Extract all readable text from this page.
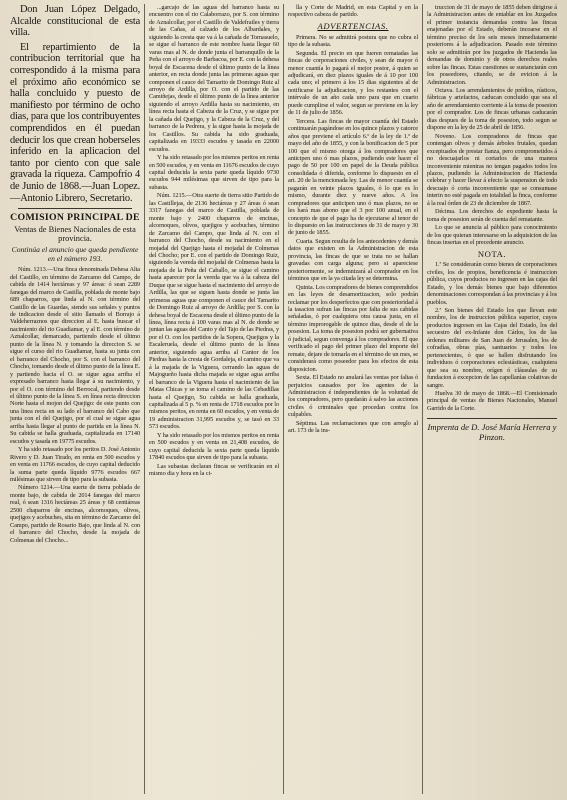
Don Juan López Delgado, Alcalde constitucional de esta villa.

El repartimiento de la contribucion territorial que ha correspondido á la misma para el próximo año económico se halla concluido y puesto de manifiesto por término de ocho dias, para que los contribuyentes comprendidos en él puedan deducir los que crean hoberseles inferido en la aplicacion del tanto por ciento con que sale gravada la riqueza. Campofrío 4 de Junio de 1868.—Juan Lopez.—Antonio Librero, Secretario.

COMISION PRINCIPAL DE
Ventas de Bienes Nacionales de esta provincia.
Continúa el anuncio que queda pendiente en el número 193.

Núm. 1213.—Una finca denominada Dehesa Alta del Castillo, en término de Zarcamo del Campo, de cabida de 1414 hectáreas y 97 áreas: ó sean 2289 fanegas del marco de Castilla, poblada de monte bajo 689 chaparros, que linda al N. con término del Castillo de las Guardas, siendo sus señales y puntos de indicacion desde el sitio llamado el Borrajo á Valdeherraznos que direccion al E. hasta buscar el nacimiento del rio Guadiamar, y al E. con término de Aznalcollar, demarcado, partiendo desde el último punto de la línea N. y tomando la direccion S. se sigue el curso del rio Guadiamar, hasta su junta con el barranco del Chocho, por S. con el barranco del Chocho, tomando desde el último punto de la línea E. y partiendo hacia el O. se sigue agua arriba el expresado barranco hasta llegar á su nacimiento, y por el O. con término del Berrocal, partiendo desde el último punto de la línea S. en línea recta direccion Norte hasta el mojon del Quejigo: de este punto con una linea recta en su lado el barranco del Cabo que junta con el del Quejigo, por el cual se sigue agua arriba hasta llegar al punto de partida en la línea N. Su cabida se halla graduada, capitalizada en 17140 escudos y tasada en 19775 escudos.

Y ha sido retasado por los peritos D. José Antonio Rivero y D. Juan Tirado, en renta en 500 escudos y en venta en 11766 escudos, de cuyo capital deducido la suma parte queda líquido 9776 escudos 667 milésimas que sirven de tipo para la subasta.

Número 1214.—Una suerte de tierra poblada de monte bajo, de cabida de 2014 fanegas del marco real, ó sean 1316 hectáreas 25 áreas y 68 centiáreas 2500 chaparros de encinas, alcornoques, olivos, quejigos y acebuches, sita en término de Zarcamo del Campo, partido de Rosario Bajo, que linda al N. con el barranco del Chocho, desde la mojada de Colmenas del Chocho...

...garcajo de las aguas del barranco hasta su encuentro con el rio Calaborrazo, por S. con término de Aznalcollar, por el Castillo de Valdefrailes y tierra de las Cañas, al calzado de los Albardales, y siguiendo la cresta que va á la cañada de Tornasuelo, se sigue el barranco de este nombre hasta llegar 60 varas mas al N. de donde junta el barranquillo de la Peña con el arroyo de Barbacoa, por E. con la dehesa boyal de Escacena desde el último punto de la línea anterior, en recta donde junta las primeras aguas que componen el cauce del Tamarito de Domingo Ruiz al arroyo de Ardilla, por O. con el partido de las Camiñejas, desde el último punto de la línea anterior siguiendo el arroyo Ardilla hasta su nacimiento, en línea recta hasta el Cabeza de la Cruz, y se sigue por la cañada del Quejigo, y la Cabeza de la Cruz, y del barranco de la Pedrera, y la sigue hasta la mojada de los Castillos. Su cabida ha sido graduada, capitalizada en 19333 escudos y tasada en 22000 escudos.

Y ha sido retasado por los mismos peritos en renta en 500 escudos, y en venta en 11676 escudos de cuyo capital deducida la sexta parte queda líquido 9730 escudos 944 milésimas que sirven de tipo para la subasta.

Núm. 1215.—Otra suerte de tierra sitio Partido de las Castillejas, de 2136 hectáreas y 27 áreas ó sean 3317 fanegas del marco de Castilla, poblada de monte bajo y 2400 chaparros de encinas, alcornoques, olivos, quejigos y acebuches, término de Zarcamo del Campo, que linda al N. con el barranco del Chocho, desde su nacimiento en el mojadal del Quejigo hasta el mojadal de Colmenas del Chocho; por E. con el partido de Domingo Ruiz, siguiendo la vereda del mojadal de Colmenas hasta la mojada de la Peña del Caballo, se sigue el camino hasta aparecer por la vereda que va á la cabeza del Duque que se sigue hasta el nacimiento del arroyo de Ardilla, las que se siguen hasta donde se junta las primeras aguas que componen el cauce del Tamarito de Domingo Ruiz al arroyo de Ardilla; por S. con la dehesa boyal de Escacena desde el último punto de la línea, línea recta á 100 varas mas al N. de donde se juntan las aguas del Canto y del Tajo de las Piedras, y por el O. con los partidos de la Sopera, Quejigos y la Escaleruela, desde el último punto de la línea anterior, siguiendo agua arriba al Cantor de los Piedras hasta la cresta de Gordaleja, el camino que va á la majada de la Viguera, cerrando las aguas de Majogueño hasta dicha majada se sigue agua arriba el barranco de la Viguera hasta el nacimiento de las Matas Chicas y se toma el camino de las Cebadillas hasta el Quejigo, Su cabida se halla graduada, capitalizada al 5 p. % en renta de 1718 escudos por lo mismos peritos, en renta en 60 escudos, y en venta de 19 administracion 31,995 escudos y, se tasó en 33 573 escudos.

Y ha sido retasado por los mismos peritos en renta en 500 escudos y en venta en 21,408 escudos, de cuyo capital deducida la sexta parte queda líquido 17840 escudos que sirven de tipo para la subasta.

Las subastas declaran fincas se verificarán en el mismo dia y hora en la ci-

lla y Corte de Madrid, en esta Capital y en la respectivo cabeza de partido.

ADVERTENCIAS.

Primera. No se admitirá postura que no cubra el tipo de la subasta.

Segunda. El precio en que fueren rematadas las fincas de corporaciones civiles, y sean de mayor ó menor cuantía lo pagará el mejor postor, á quien se adjudicará, en diez plazos iguales de á 10 por 100 cada uno; el primero á los 15 dias siguientes al de notificarse la adjudicacion, y los restantes con el intérvalo de un año cada uno para que en cuarto puede cumplirse el valor, segun se previene en la ley de 11 de julio de 1856.

Tercera. Las fincas de mayor cuantía del Estado continuarán pagándose en los quince plazos y catorce años que previene el artículo 6.º de la ley de 1.º de mayo del año de 1855, y con la bonificacion de 5 por 100 que el mismo otorga á los compradores que anticipen uno ó mas plazos, pudiendo este hacer el pago de 50 por 100 en papel de la Deuda pública consolidada ó diferida, conforme lo dispuesto en el art. 20 de la mencionada ley. Las de menor cuantía se pagarán en veinte plazos iguales, ó lo que es lo mismo, durante diez y nueve años. A los compradores que anticipen uno ó mas plazos, no se les hará mas abono que el 3 por 100 anual, en el concepto de que el pago ha de ejecutarse al tenor de lo dispuesto en las instrucciones de 31 de mayo y 30 de junio de 1855.

Cuarta. Segun resulta de los antecedentes y demás datos que existen en la Administracion de esta provincia, las fincas de que se trata no se hallan gravadas con carga alguna; pero si apareciese posteriormente, se indemnizará al comprador en los términos que en la ya citada ley se determina.

Quinta. Los compradores de bienes comprendidos en las leyes de desamortizacion, solo podrán reclamar por los desperfectos que con posterioridad á la tasacion sufran las fincas por falta de sus cabidas señaladas, ó por cualquiera otra causa justa, en el término improrogable de quince dias, desde el de la posesion. La toma de posesion podrá ser gubernativa ó judicial, segun convenga á los compradores. El que verificado el pago del primer plazo del importe del remate, dejare de tomarla en el término de un mes, se considerará como poseedor para los efectos de esta disposicion.

Sexta. El Estado no anulará las ventas por faltas ó perjuicios causados por los agentes de la Administracion é independientes de la voluntad de los compradores, pero quedarán á salvo las acciones civiles ó criminales que procedan contra los culpables.

Séptima. Las reclamaciones que con arreglo al art. 173 de la ins-

truccion de 31 de mayo de 1855 deben dirigirse á la Administracion antes de entablar en los Juzgados el primer instancia demandas contra las fincas enajenadas por el Estado, deberán incoarse en el término preciso de los seis meses inmediatamente posteriores á la adjudicacion. Pasado este término solo se admitirán por los juzgados de Hacienda las demandas de dominio y de otros derechos reales sobre las fincas. Estas cuestiones se sustanciarán con los poseedores, citando, se de evicion á la Administracion.

Octava. Los arrendamientos de prédios, rústicos, fábricas y artefactos, caducan concluido que sea el año de arrendamiento corriente á la toma de posesion por el comprador. Los de fincas urbanas caducarán dias despues de la toma de posesion, todo segun se dispone en la ley de 25 de abril de 1856.

Noveno. Los compradores de fincas que contengan olivos y demás árboles frutales, quedan exceptuados de prestar fianza, pero comprometidos á no descuajarlos ni cortarlos de una manera inconveniente mientras no tengan pagados todos los plazos, pudiendo la Administracion de Hacienda celebrar y hacer llevar á efecto la suspension de todo descuajo ó corta inconveniente que se consumase interin no esté pagada en totalidad la finca, conforme á la real órden de 23 de diciembre de 1867.

Décima. Los derechos de expediente hasta la toma de posesion serán de cuenta del rematante.

Lo que se anuncia al público para conocimiento de los que quieran interesarse en la adquisicion de las fincas insertas en el precedente anuncio.

NOTA.

1.ª Se considerarán como bienes de corporaciones civiles, los de propios, beneficencia é instruccion pública, cuyos productos no ingresen en las cajas del Estado, y los demás bienes que bajo diferentes denominaciones correspondan á las provincias y á los pueblos.

2.ª Son bienes del Estado los que llevan este nombre, los de instruccion pública superior, cuyos productos ingresen en las Cajas del Estado, los del secuestro del ex-Infante don Cárlos, los de las órdenes militares de San Juan de Jerusalen, los de cofradías, obras pías, santuarios y todos los pertenecientes, ó que se hallen disfrutando los individuos ó corporaciones eclesiásticas, cualquiera que sea su nombre, orígen ó cláusulas de su fundacion á excepcion de las capellanías colativas de sangre.

Huelva 30 de mayo de 1868.—El Comisionado principal de ventas de Bienes Nacionales, Manuel Garrido de la Corte.

Imprenta de D. José María Herrera y Pinzon.
